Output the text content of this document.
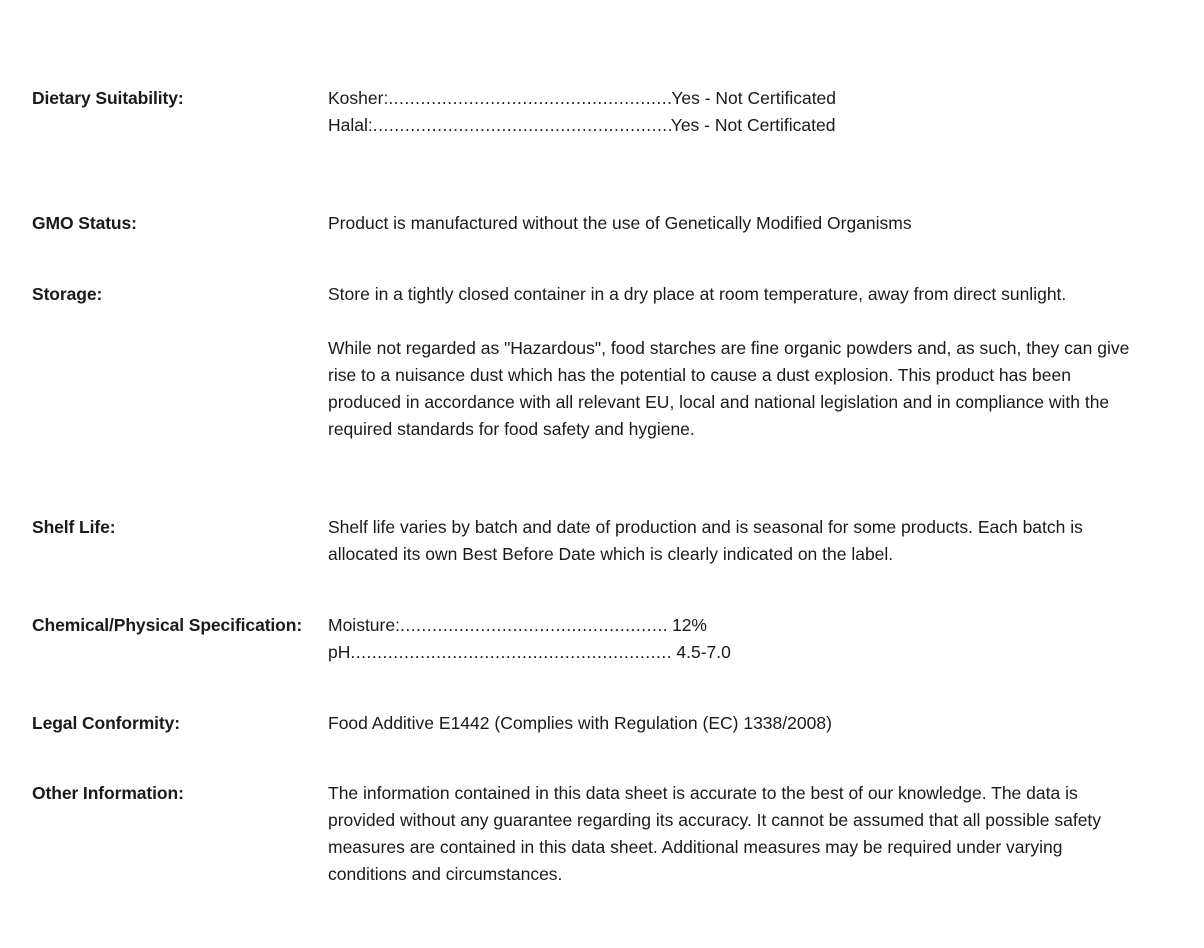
Dietary Suitability:	Kosher: .....	Yes - Not Certificated
Halal: .....	Yes - Not Certificated
GMO Status:	Product is manufactured without the use of Genetically Modified Organisms
Storage:	Store in a tightly closed container in a dry place at room temperature, away from direct sunlight.

While not regarded as "Hazardous", food starches are fine organic powders and, as such, they can give rise to a nuisance dust which has the potential to cause a dust explosion. This product has been produced in accordance with all relevant EU, local and national legislation and in compliance with the required standards for food safety and hygiene.

Shelf Life:	Shelf life varies by batch and date of production and is seasonal for some products. Each batch is allocated its own Best Before Date which is clearly indicated on the label.
Chemical/Physical Specification: Moisture: .....	12%
pH .....	4.5-7.0
Legal Conformity:	Food Additive E1442 (Complies with Regulation (EC) 1338/2008)
Other Information:	The information contained in this data sheet is accurate to the best of our knowledge. The data is provided without any guarantee regarding its accuracy. It cannot be assumed that all possible safety measures are contained in this data sheet. Additional measures may be required under varying conditions and circumstances.
